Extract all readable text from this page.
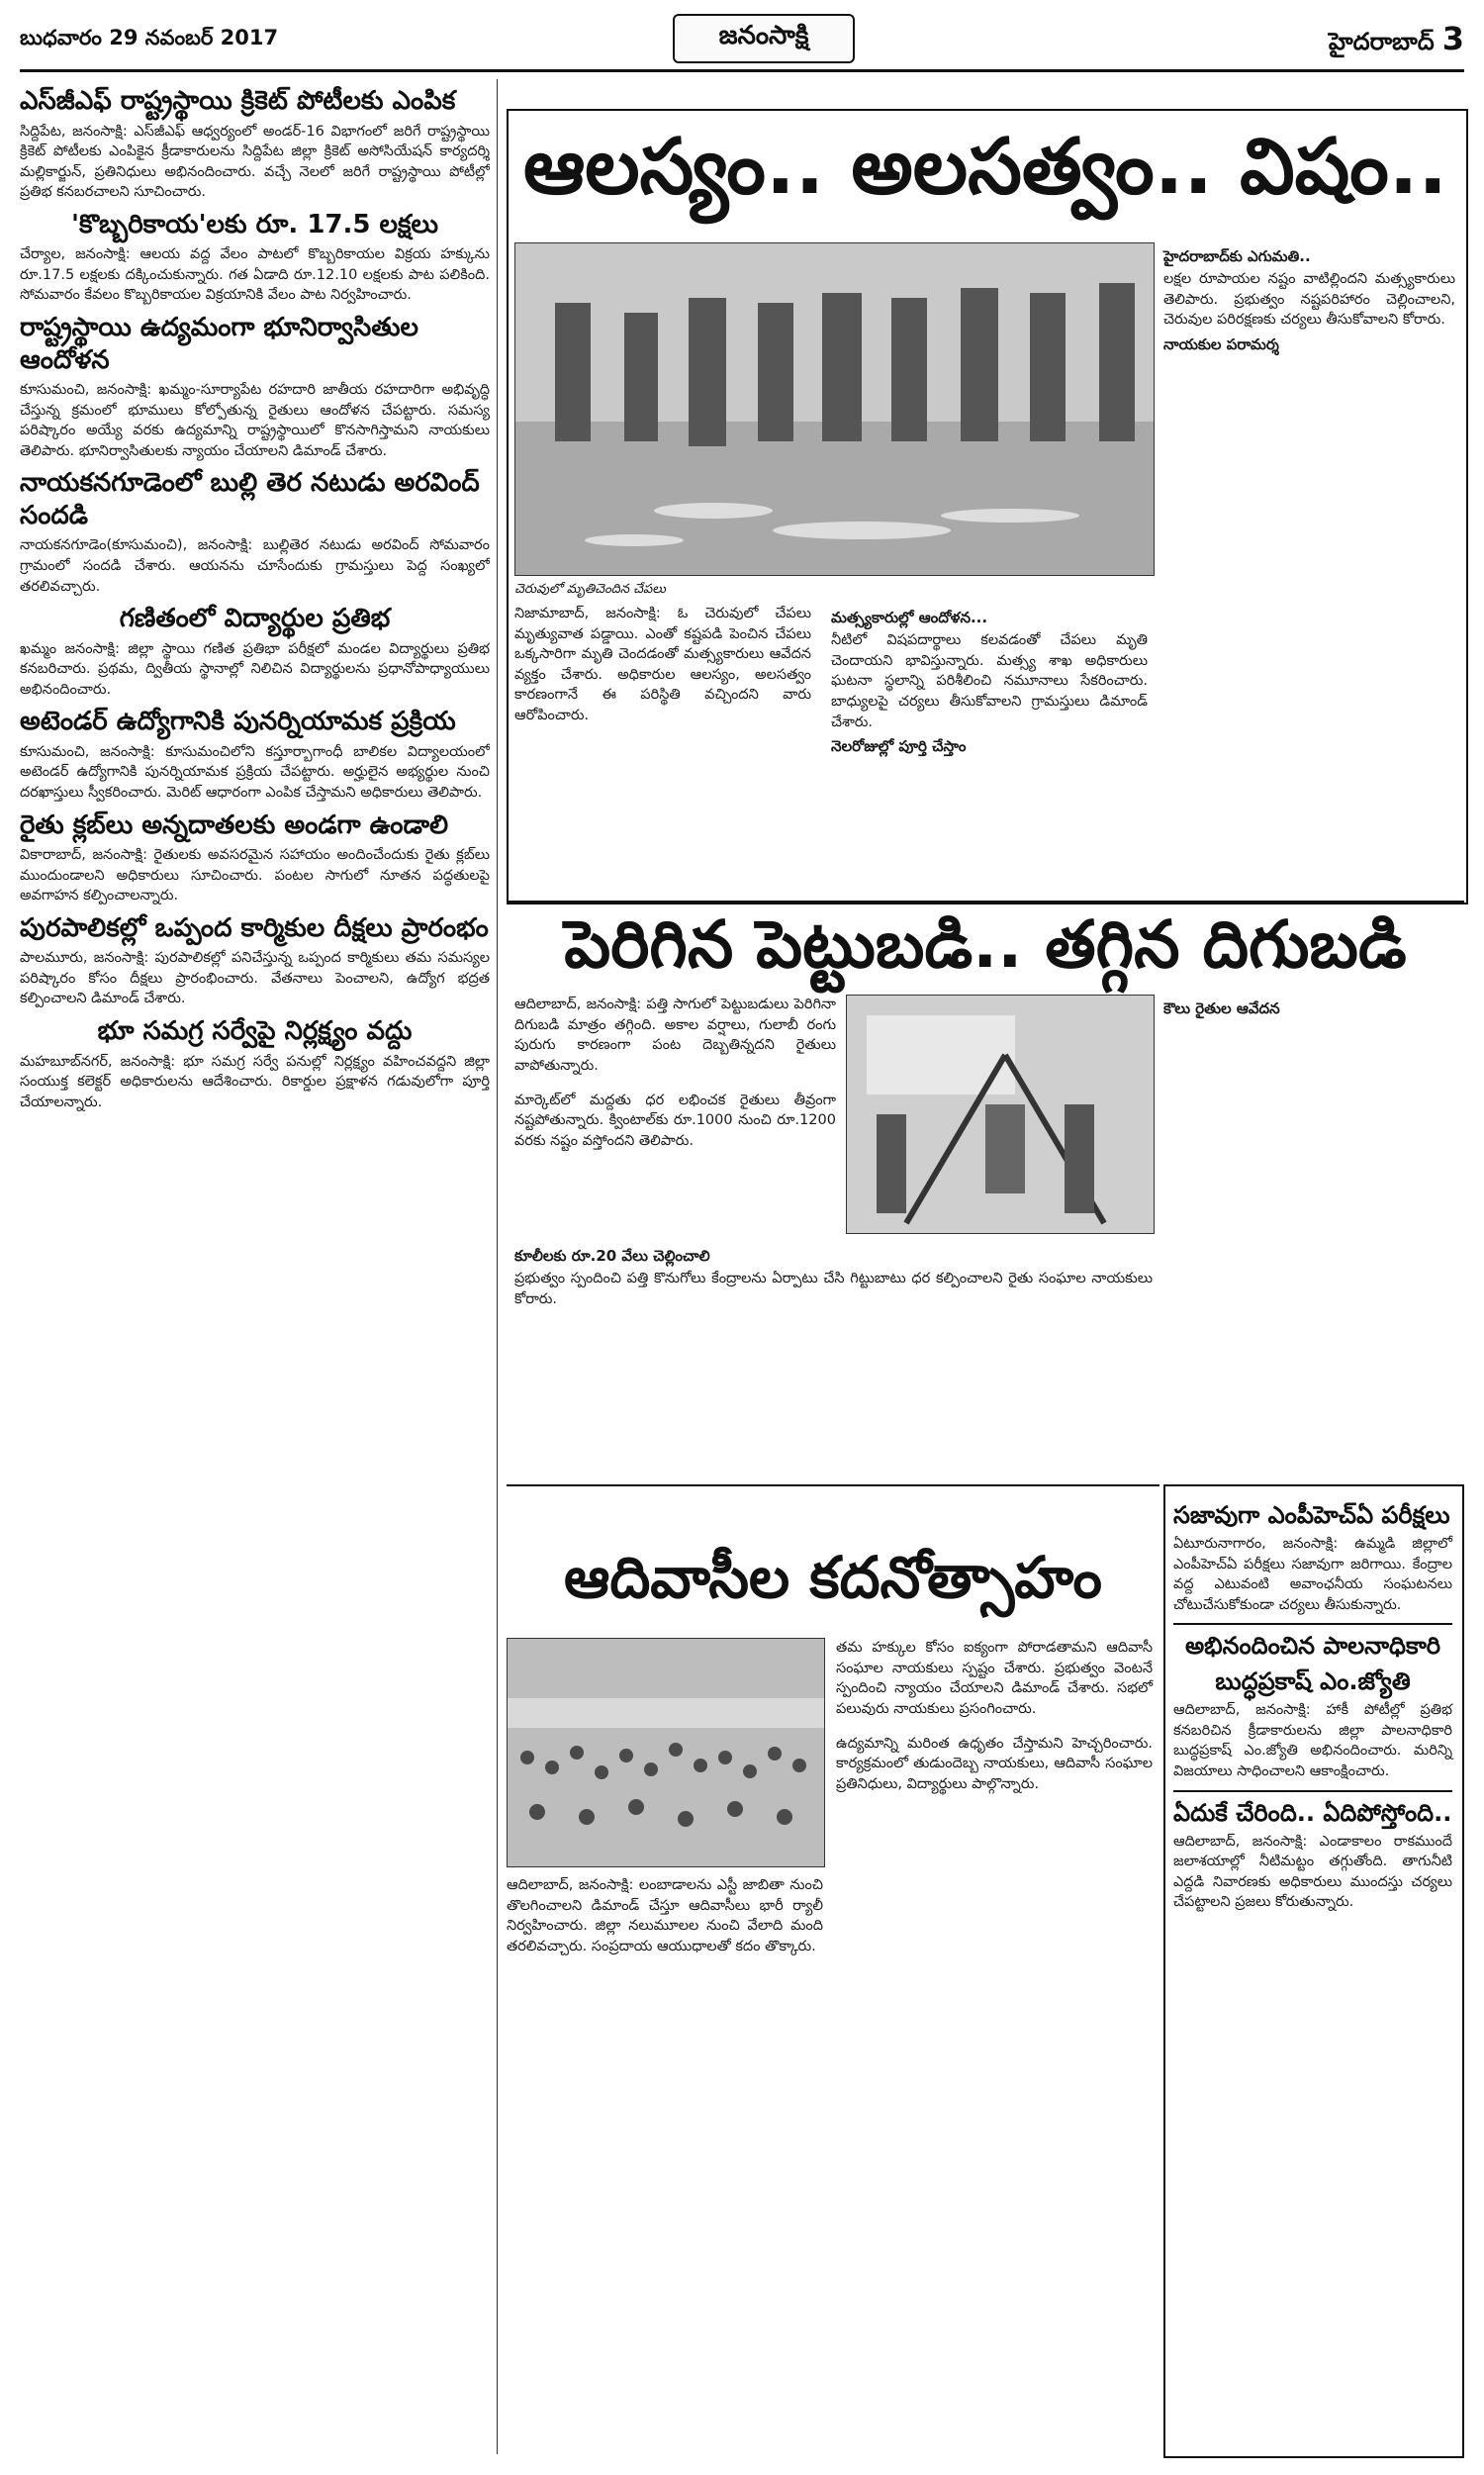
బుధవారం 29 నవంబర్ 2017	జనంసాక్షి	హైదరాబాద్ 3
ఎస్‌జీఎఫ్ రాష్ట్రస్థాయి క్రికెట్ పోటీలకు ఎంపిక

సిద్దిపేట, జనంసాక్షి: ఎస్‌జీఎఫ్ ఆధ్వర్యంలో అండర్‌-16 విభాగంలో జరిగే రాష్ట్రస్థాయి క్రికెట్ పోటీలకు ఎంపికైన క్రీడాకారులను సిద్దిపేట జిల్లా క్రికెట్ అసోసియేషన్ కార్యదర్శి మల్లికార్జున్, ప్రతినిధులు అభినందించారు. వచ్చే నెలలో జరిగే రాష్ట్రస్థాయి పోటీల్లో ప్రతిభ కనబరచాలని సూచించారు.

'కొబ్బరికాయ'లకు రూ. 17.5 లక్షలు

చేర్యాల, జనంసాక్షి: ఆలయ వద్ద వేలం పాటలో కొబ్బరికాయల విక్రయ హక్కును రూ.17.5 లక్షలకు దక్కించుకున్నారు. గత ఏడాది రూ.12.10 లక్షలకు పాట పలికింది. సోమవారం కేవలం కొబ్బరికాయల విక్రయానికి వేలం పాట నిర్వహించారు.

రాష్ట్రస్థాయి ఉద్యమంగా భూనిర్వాసితుల ఆందోళన

కూసుమంచి, జనంసాక్షి: ఖమ్మం-సూర్యాపేట రహదారి జాతీయ రహదారిగా అభివృద్ధి చేస్తున్న క్రమంలో భూములు కోల్పోతున్న రైతులు ఆందోళన చేపట్టారు. సమస్య పరిష్కారం అయ్యే వరకు ఉద్యమాన్ని రాష్ట్రస్థాయిలో కొనసాగిస్తామని నాయకులు తెలిపారు. భూనిర్వాసితులకు న్యాయం చేయాలని డిమాండ్ చేశారు.

నాయకనగూడెంలో బుల్లి తెర నటుడు అరవింద్ సందడి

నాయకనగూడెం(కూసుమంచి), జనంసాక్షి: బుల్లితెర నటుడు అరవింద్ సోమవారం గ్రామంలో సందడి చేశారు. ఆయనను చూసేందుకు గ్రామస్తులు పెద్ద సంఖ్యలో తరలివచ్చారు.

గణితంలో విద్యార్థుల ప్రతిభ

ఖమ్మం జనంసాక్షి: జిల్లా స్థాయి గణిత ప్రతిభా పరీక్షలో మండల విద్యార్థులు ప్రతిభ కనబరిచారు. ప్రథమ, ద్వితీయ స్థానాల్లో నిలిచిన విద్యార్థులను ప్రధానోపాధ్యాయులు అభినందించారు.

అటెండర్ ఉద్యోగానికి పునర్నియామక ప్రక్రియ

కూసుమంచి, జనంసాక్షి: కూసుమంచిలోని కస్తూర్బాగాంధీ బాలికల విద్యాలయంలో అటెండర్ ఉద్యోగానికి పునర్నియామక ప్రక్రియ చేపట్టారు. అర్హులైన అభ్యర్థుల నుంచి దరఖాస్తులు స్వీకరించారు. మెరిట్ ఆధారంగా ఎంపిక చేస్తామని అధికారులు తెలిపారు.

రైతు క్లబ్‌లు అన్నదాతలకు అండగా ఉండాలి

వికారాబాద్, జనంసాక్షి: రైతులకు అవసరమైన సహాయం అందించేందుకు రైతు క్లబ్‌లు ముందుండాలని అధికారులు సూచించారు. పంటల సాగులో నూతన పద్ధతులపై అవగాహన కల్పించాలన్నారు.

పురపాలికల్లో ఒప్పంద కార్మికుల దీక్షలు ప్రారంభం

పాలమూరు, జనంసాక్షి: పురపాలికల్లో పనిచేస్తున్న ఒప్పంద కార్మికులు తమ సమస్యల పరిష్కారం కోసం దీక్షలు ప్రారంభించారు. వేతనాలు పెంచాలని, ఉద్యోగ భద్రత కల్పించాలని డిమాండ్ చేశారు.

భూ సమగ్ర సర్వేపై నిర్లక్ష్యం వద్దు

మహబూబ్‌నగర్, జనంసాక్షి: భూ సమగ్ర సర్వే పనుల్లో నిర్లక్ష్యం వహించవద్దని జిల్లా సంయుక్త కలెక్టర్ అధికారులను ఆదేశించారు. రికార్డుల ప్రక్షాళన గడువులోగా పూర్తి చేయాలన్నారు.

ఆలస్యం.. అలసత్వం.. విషం..
హైదరాబాద్‌కు ఎగుమతి..
లక్షల రూపాయల నష్టం వాటిల్లిందని మత్స్యకారులు తెలిపారు. ప్రభుత్వం నష్టపరిహారం చెల్లించాలని, చెరువుల పరిరక్షణకు చర్యలు తీసుకోవాలని కోరారు.
నాయకుల పరామర్శ
చెరువులో మృతిచెందిన చేపలు
నిజామాబాద్, జనంసాక్షి: ఓ చెరువులో చేపలు మృత్యువాత పడ్డాయి. ఎంతో కష్టపడి పెంచిన చేపలు ఒక్కసారిగా మృతి చెందడంతో మత్స్యకారులు ఆవేదన వ్యక్తం చేశారు. అధికారుల ఆలస్యం, అలసత్వం కారణంగానే ఈ పరిస్థితి వచ్చిందని వారు ఆరోపించారు.
మత్స్యకారుల్లో ఆందోళన...
నీటిలో విషపదార్థాలు కలవడంతో చేపలు మృతి చెందాయని భావిస్తున్నారు. మత్స్య శాఖ అధికారులు ఘటనా స్థలాన్ని పరిశీలించి నమూనాలు సేకరించారు. బాధ్యులపై చర్యలు తీసుకోవాలని గ్రామస్తులు డిమాండ్ చేశారు.
నెలరోజుల్లో పూర్తి చేస్తాం
పెరిగిన పెట్టుబడి.. తగ్గిన దిగుబడి
ఆదిలాబాద్, జనంసాక్షి: పత్తి సాగులో పెట్టుబడులు పెరిగినా దిగుబడి మాత్రం తగ్గింది. అకాల వర్షాలు, గులాబీ రంగు పురుగు కారణంగా పంట దెబ్బతిన్నదని రైతులు వాపోతున్నారు.

మార్కెట్‌లో మద్దతు ధర లభించక రైతులు తీవ్రంగా నష్టపోతున్నారు. క్వింటాల్‌కు రూ.1000 నుంచి రూ.1200 వరకు నష్టం వస్తోందని తెలిపారు.

కూలీలకు రూ.20 వేలు చెల్లించాలి
ప్రభుత్వం స్పందించి పత్తి కొనుగోలు కేంద్రాలను ఏర్పాటు చేసి గిట్టుబాటు ధర కల్పించాలని రైతు సంఘాల నాయకులు కోరారు.
కౌలు రైతుల ఆవేదన
ఆదివాసీల కదనోత్సాహం
ఆదిలాబాద్, జనంసాక్షి: లంబాడాలను ఎస్టీ జాబితా నుంచి తొలగించాలని డిమాండ్ చేస్తూ ఆదివాసీలు భారీ ర్యాలీ నిర్వహించారు. జిల్లా నలుమూలల నుంచి వేలాది మంది తరలివచ్చారు. సంప్రదాయ ఆయుధాలతో కదం తొక్కారు.
తమ హక్కుల కోసం ఐక్యంగా పోరాడతామని ఆదివాసీ సంఘాల నాయకులు స్పష్టం చేశారు. ప్రభుత్వం వెంటనే స్పందించి న్యాయం చేయాలని డిమాండ్ చేశారు. సభలో పలువురు నాయకులు ప్రసంగించారు.

ఉద్యమాన్ని మరింత ఉధృతం చేస్తామని హెచ్చరించారు. కార్యక్రమంలో తుడుందెబ్బ నాయకులు, ఆదివాసీ సంఘాల ప్రతినిధులు, విద్యార్థులు పాల్గొన్నారు.

సజావుగా ఎంపీహెచ్‌ఏ పరీక్షలు

ఏటూరునాగారం, జనంసాక్షి: ఉమ్మడి జిల్లాలో ఎంపీహెచ్‌ఏ పరీక్షలు సజావుగా జరిగాయి. కేంద్రాల వద్ద ఎటువంటి అవాంఛనీయ సంఘటనలు చోటుచేసుకోకుండా చర్యలు తీసుకున్నారు.

అభినందించిన పాలనాధికారి
బుద్ధప్రకాష్ ఎం.జ్యోతి

ఆదిలాబాద్, జనంసాక్షి: హాకీ పోటీల్లో ప్రతిభ కనబరిచిన క్రీడాకారులను జిల్లా పాలనాధికారి బుద్ధప్రకాష్ ఎం.జ్యోతి అభినందించారు. మరిన్ని విజయాలు సాధించాలని ఆకాంక్షించారు.

ఏదుకే చేరింది.. ఏదిపోస్తోంది..

ఆదిలాబాద్, జనంసాక్షి: ఎండాకాలం రాకముందే జలాశయాల్లో నీటిమట్టం తగ్గుతోంది. తాగునీటి ఎద్దడి నివారణకు అధికారులు ముందస్తు చర్యలు చేపట్టాలని ప్రజలు కోరుతున్నారు.
